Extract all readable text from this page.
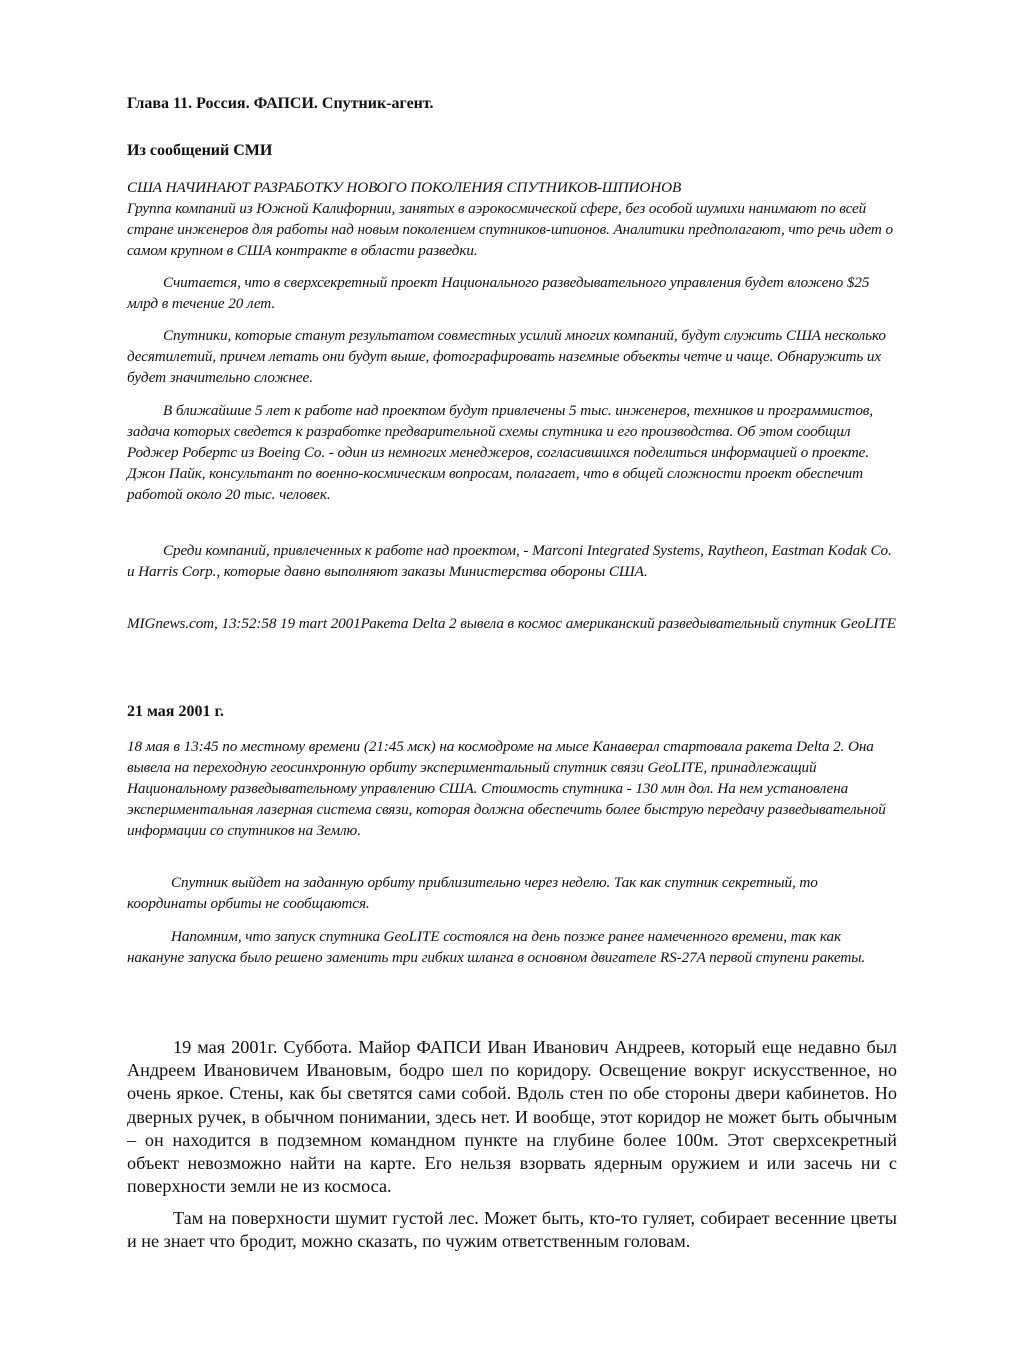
Глава 11. Россия. ФАПСИ. Спутник-агент.

Из сообщений СМИ

США НАЧИНАЮТ РАЗРАБОТКУ НОВОГО ПОКОЛЕНИЯ СПУТНИКОВ-ШПИОНОВ

Группа компаний из Южной Калифорнии, занятых в аэрокосмической сфере, без особой шумихи нанимают по всей стране инженеров для работы над новым поколением спутников-шпионов. Аналитики предполагают, что речь идет о самом крупном в США контракте в области разведки.

Считается, что в сверхсекретный проект Национального разведывательного управления будет вложено $25 млрд в течение 20 лет.

Спутники, которые станут результатом совместных усилий многих компаний, будут служить США несколько десятилетий, причем летать они будут выше, фотографировать наземные объекты четче и чаще. Обнаружить их будет значительно сложнее.

В ближайшие 5 лет к работе над проектом будут привлечены 5 тыс. инженеров, техников и программистов, задача которых сведется к разработке предварительной схемы спутника и его производства. Об этом сообщил Роджер Робертс из Boeing Co. - один из немногих менеджеров, согласившихся поделиться информацией о проекте. Джон Пайк, консультант по военно-космическим вопросам, полагает, что в общей сложности проект обеспечит работой около 20 тыс. человек.

Среди компаний, привлеченных к работе над проектом, - Marconi Integrated Systems, Raytheon, Eastman Kodak Co. и Harris Corp., которые давно выполняют заказы Министерства обороны США.

MIGnews.com, 13:52:58 19 mart 2001Ракета Delta 2 вывела в космос американский разведывательный спутник GeoLITE

21 мая 2001 г.

18 мая в 13:45 по местному времени (21:45 мск) на космодроме на мысе Канаверал стартовала ракета Delta 2. Она вывела на переходную геосинхронную орбиту экспериментальный спутник связи GeoLITE, принадлежащий Национальному разведывательному управлению США. Стоимость спутника - 130 млн дол. На нем установлена экспериментальная лазерная система связи, которая должна обеспечить более быструю передачу разведывательной информации со спутников на Землю.

Спутник выйдет на заданную орбиту приблизительно через неделю. Так как спутник секретный, то координаты орбиты не сообщаются.

Напомним, что запуск спутника GeoLITE состоялся на день позже ранее намеченного времени, так как накануне запуска было решено заменить три гибких шланга в основном двигателе RS-27A первой ступени ракеты.

19 мая 2001г. Суббота. Майор ФАПСИ Иван Иванович Андреев, который еще недавно был Андреем Ивановичем Ивановым, бодро шел по коридору. Освещение вокруг искусственное, но очень яркое. Стены, как бы светятся сами собой. Вдоль стен по обе стороны двери кабинетов. Но дверных ручек, в обычном понимании, здесь нет. И вообще, этот коридор не может быть обычным – он находится в подземном командном пункте на глубине более 100м. Этот сверхсекретный объект невозможно найти на карте. Его нельзя взорвать ядерным оружием и или засечь ни с поверхности земли не из космоса.

Там на поверхности шумит густой лес. Может быть, кто-то гуляет, собирает весенние цветы и не знает что бродит, можно сказать, по чужим ответственным головам.
